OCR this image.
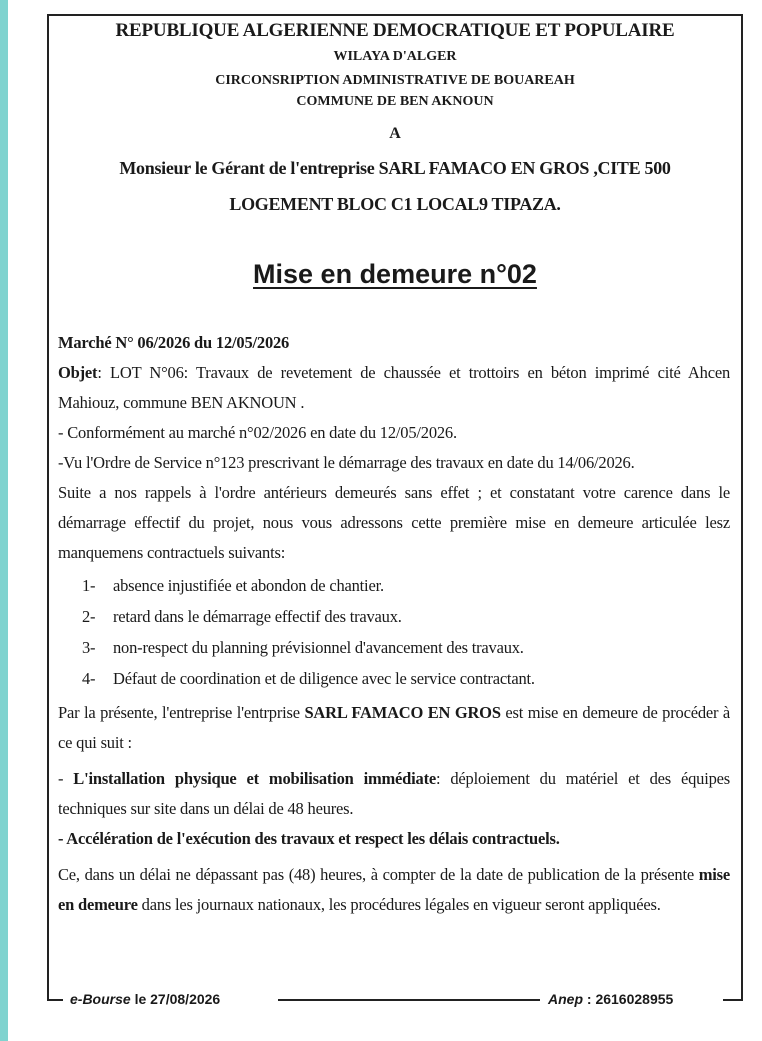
REPUBLIQUE ALGERIENNE DEMOCRATIQUE ET POPULAIRE
WILAYA D'ALGER
CIRCONSRIPTION ADMINISTRATIVE DE BOUAREAH
COMMUNE DE BEN AKNOUN
A
Monsieur le Gérant de l'entreprise SARL FAMACO EN GROS ,CITE 500
LOGEMENT BLOC C1 LOCAL9 TIPAZA.
Mise en demeure n°02

Marché N° 06/2026 du 12/05/2026

Objet: LOT N°06: Travaux de revetement de chaussée et trottoirs en béton imprimé cité Ahcen Mahiouz, commune BEN AKNOUN .

- Conformément au marché n°02/2026 en date du 12/05/2026.

-Vu l'Ordre de Service n°123 prescrivant le démarrage des travaux en date du 14/06/2026.

Suite a nos rappels à l'ordre antérieurs demeurés sans effet ; et constatant votre carence dans le démarrage effectif du projet, nous vous adressons cette première mise en demeure articulée lesz manquemens contractuels suivants:

1- absence injustifiée et abondon de chantier.
2- retard dans le démarrage effectif des travaux.
3- non-respect du planning prévisionnel d'avancement des travaux.
4- Défaut de coordination et de diligence avec le service contractant.

Par la présente, l'entreprise l'entrprise SARL FAMACO EN GROS est mise en demeure de procéder à ce qui suit :

- L'installation physique et mobilisation immédiate: déploiement du matériel et des équipes techniques sur site dans un délai de 48 heures.

- Accélération de l'exécution des travaux et respect les délais contractuels.

Ce, dans un délai ne dépassant pas (48) heures, à compter de la date de publication de la présente mise en demeure dans les journaux nationaux, les procédures légales en vigueur seront appliquées.

e-Bourse le 27/08/2026	Anep : 2616028955
